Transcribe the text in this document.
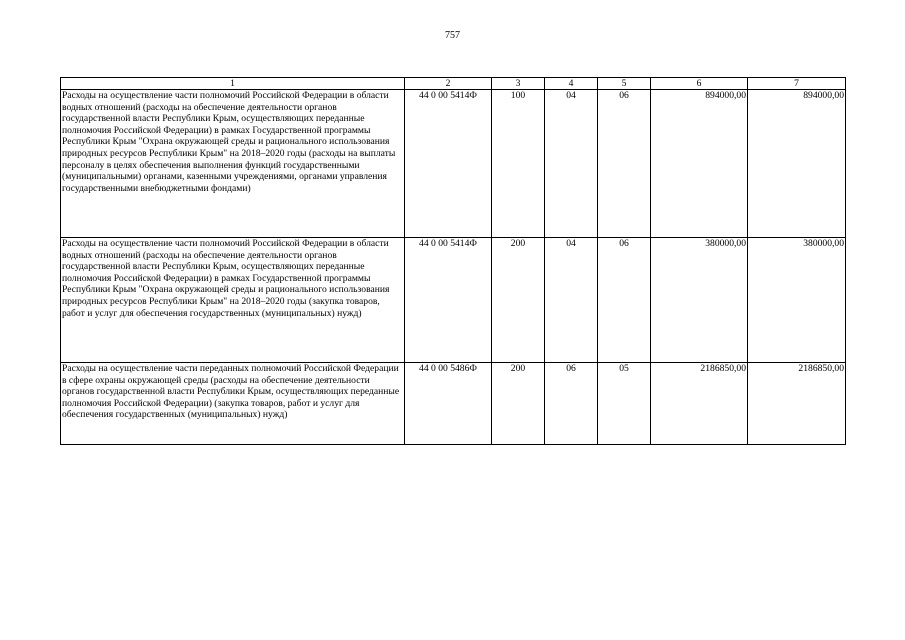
757
1	2	3	4	5	6	7
Расходы на осуществление части полномочий Российской Федерации в области водных отношений (расходы на обеспечение деятельности органов государственной власти Республики Крым, осуществляющих переданные полномочия Российской Федерации) в рамках Государственной программы Республики Крым "Охрана окружающей среды и рационального использования природных ресурсов Республики Крым" на 2018–2020 годы (расходы на выплаты персоналу в целях обеспечения выполнения функций государственными (муниципальными) органами, казенными учреждениями, органами управления государственными внебюджетными фондами)	44 0 00 5414Ф	100	04	06	894000,00	894000,00
Расходы на осуществление части полномочий Российской Федерации в области водных отношений (расходы на обеспечение деятельности органов государственной власти Республики Крым, осуществляющих переданные полномочия Российской Федерации) в рамках Государственной программы Республики Крым "Охрана окружающей среды и рационального использования природных ресурсов Республики Крым" на 2018–2020 годы (закупка товаров, работ и услуг для обеспечения государственных (муниципальных) нужд)	44 0 00 5414Ф	200	04	06	380000,00	380000,00
Расходы на осуществление части переданных полномочий Российской Федерации в сфере охраны окружающей среды (расходы на обеспечение деятельности органов государственной власти Республики Крым, осуществляющих переданные полномочия Российской Федерации) (закупка товаров, работ и услуг для обеспечения государственных (муниципальных) нужд)	44 0 00 5486Ф	200	06	05	2186850,00	2186850,00
